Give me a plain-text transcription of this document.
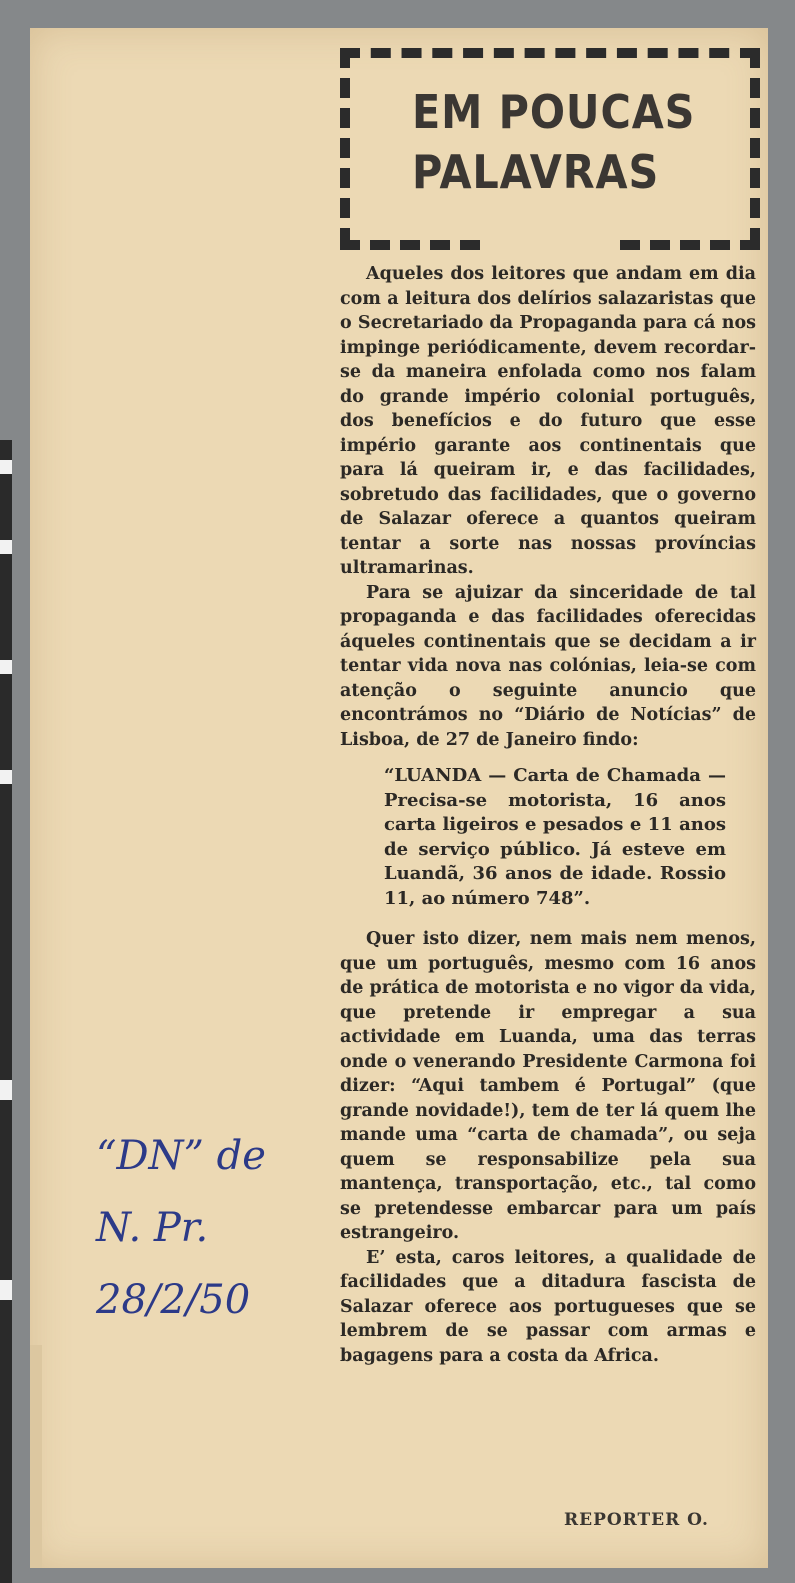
EM POUCAS
PALAVRAS

Aqueles dos leitores que andam em dia com a leitura dos delírios salazaristas que o Secretariado da Propaganda para cá nos impinge periódicamente, devem recordar-se da maneira enfolada como nos falam do grande império colonial português, dos benefícios e do futuro que esse império garante aos continentais que para lá queiram ir, e das facilidades, sobretudo das facilidades, que o governo de Salazar oferece a quantos queiram tentar a sorte nas nossas províncias ultramarinas.

Para se ajuizar da sinceridade de tal propaganda e das facilidades oferecidas áqueles continentais que se decidam a ir tentar vida nova nas colónias, leia-se com atenção o seguinte anuncio que encontrámos no “Diário de Notícias” de Lisboa, de 27 de Janeiro findo:

“LUANDA — Carta de Chamada — Precisa-se motorista, 16 anos carta ligeiros e pesados e 11 anos de serviço público. Já esteve em Luandã, 36 anos de idade. Rossio 11, ao número 748”.

Quer isto dizer, nem mais nem menos, que um português, mesmo com 16 anos de prática de motorista e no vigor da vida, que pretende ir empregar a sua actividade em Luanda, uma das terras onde o venerando Presidente Carmona foi dizer: “Aqui tambem é Portugal” (que grande novidade!), tem de ter lá quem lhe mande uma “carta de chamada”, ou seja quem se responsabilize pela sua mantença, transportação, etc., tal como se pretendesse embarcar para um país estrangeiro.

E’ esta, caros leitores, a qualidade de facilidades que a ditadura fascista de Salazar oferece aos portugueses que se lembrem de se passar com armas e bagagens para a costa da Africa.

REPORTER O.
“DN” de
N. Pr.
28/2/50
